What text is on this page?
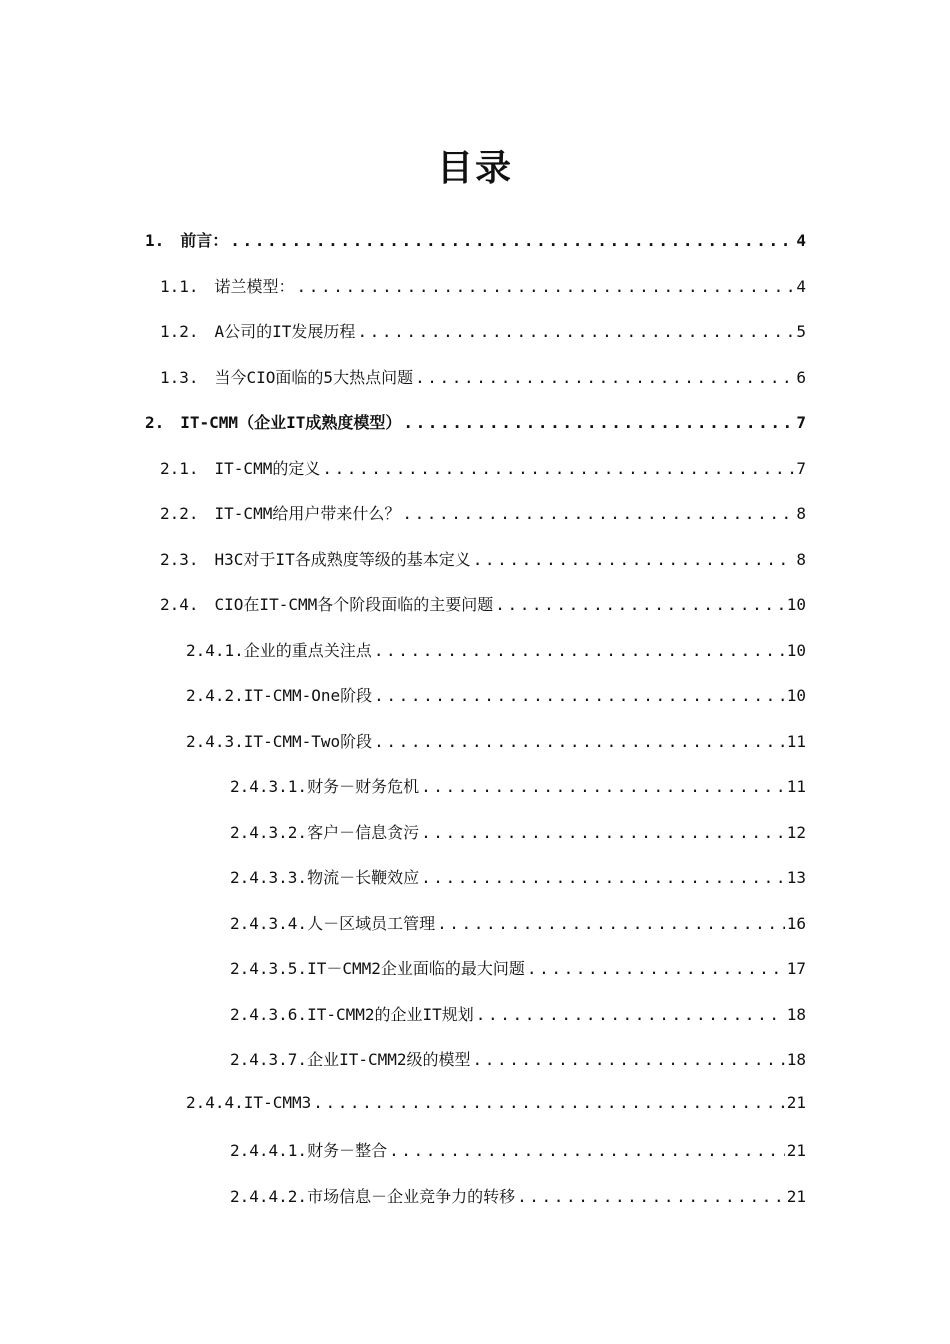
目录
1. 前言： .....	4
1.1. 诺兰模型： .....	4
1.2. A公司的IT发展历程 .....	5
1.3. 当今CIO面临的5大热点问题 .....	6
2. IT-CMM（企业IT成熟度模型） .....	7
2.1. IT-CMM的定义 .....	7
2.2. IT-CMM给用户带来什么？ .....	8
2.3. H3C对于IT各成熟度等级的基本定义 .....	8
2.4. CIO在IT-CMM各个阶段面临的主要问题 .....	10
2.4.1. 企业的重点关注点 .....	10
2.4.2. IT-CMM-One阶段 .....	10
2.4.3. IT-CMM-Two阶段 .....	11
2.4.3.1. 财务－财务危机 .....	11
2.4.3.2. 客户－信息贪污 .....	12
2.4.3.3. 物流－长鞭效应 .....	13
2.4.3.4. 人－区域员工管理 .....	16
2.4.3.5. IT－CMM2企业面临的最大问题 .....	17
2.4.3.6. IT-CMM2的企业IT规划 .....	18
2.4.3.7. 企业IT-CMM2级的模型 .....	18
2.4.4. IT-CMM3 .....	21
2.4.4.1. 财务－整合 .....	21
2.4.4.2. 市场信息－企业竞争力的转移 .....	21
